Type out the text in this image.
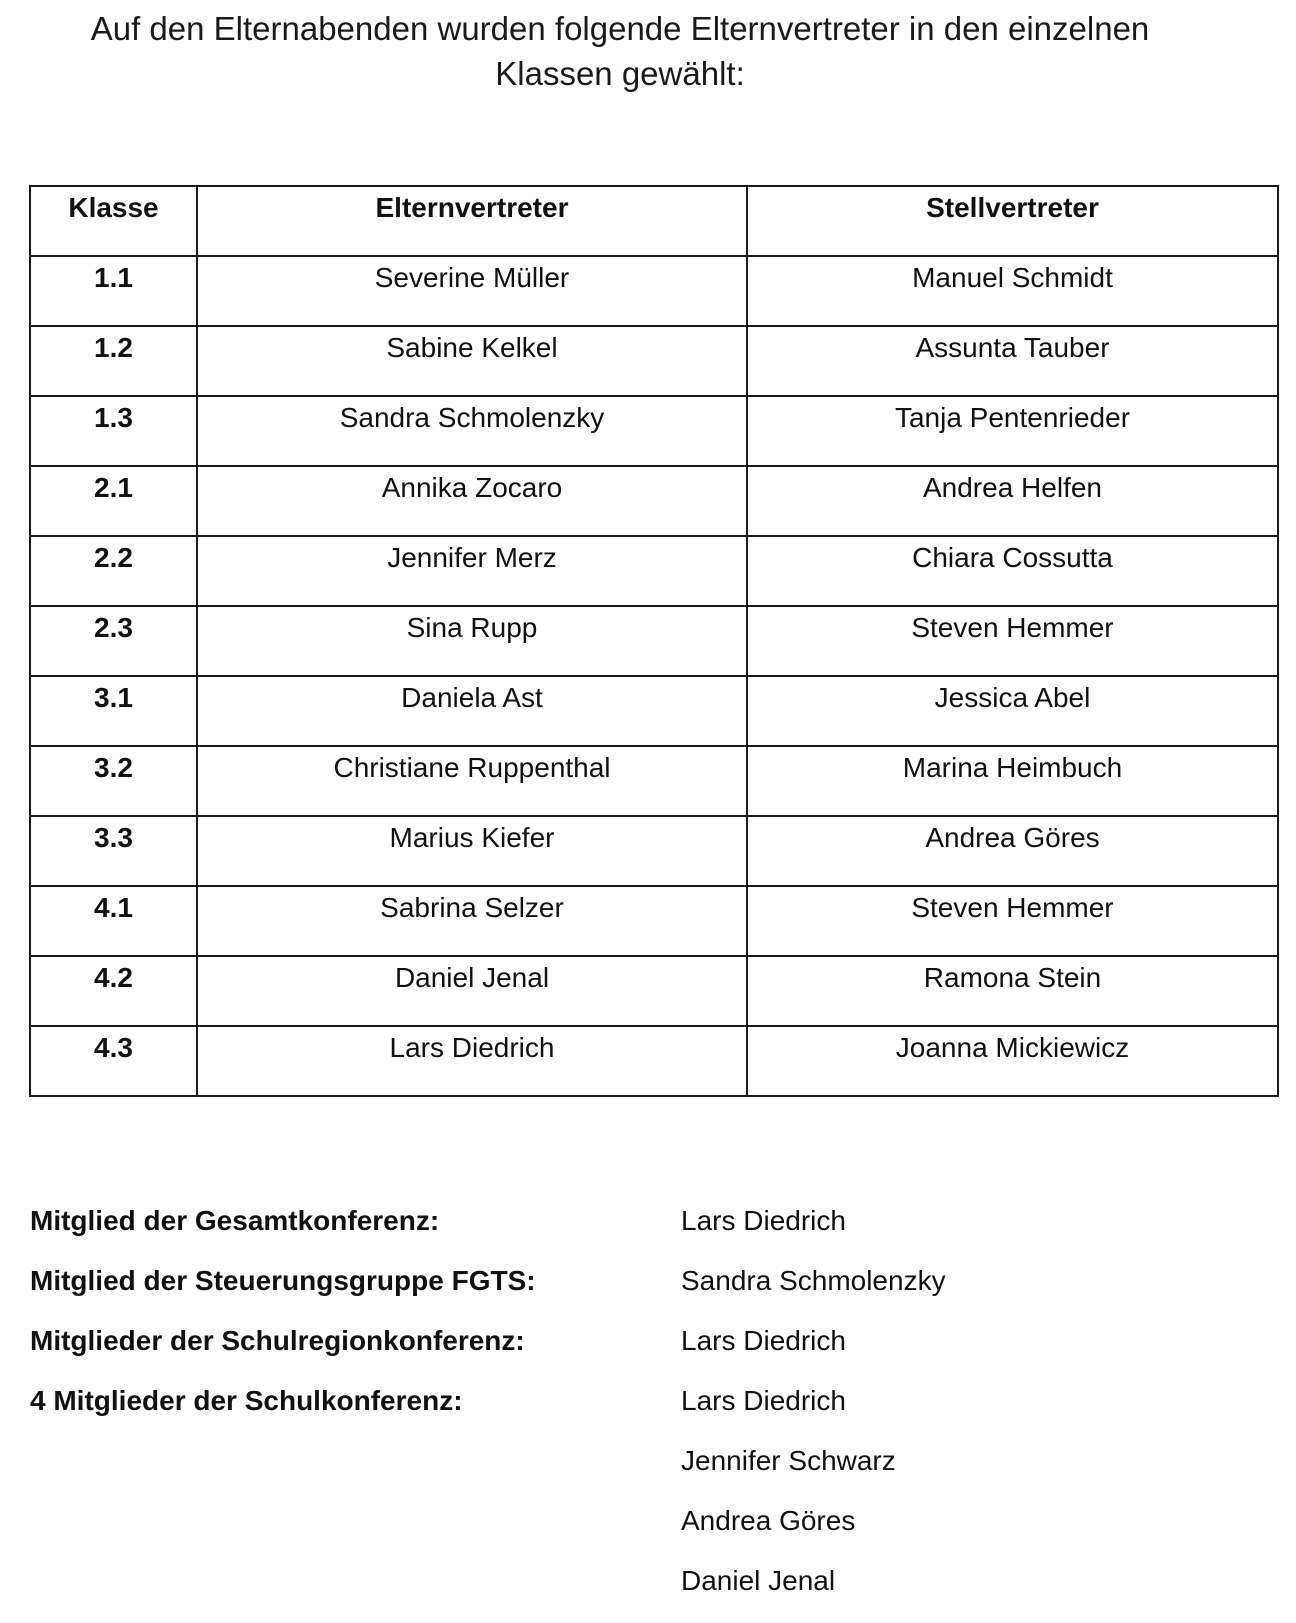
Auf den Elternabenden wurden folgende Elternvertreter in den einzelnen
Klassen gewählt:
Klasse	Elternvertreter	Stellvertreter
1.1	Severine Müller	Manuel Schmidt
1.2	Sabine Kelkel	Assunta Tauber
1.3	Sandra Schmolenzky	Tanja Pentenrieder
2.1	Annika Zocaro	Andrea Helfen
2.2	Jennifer Merz	Chiara Cossutta
2.3	Sina Rupp	Steven Hemmer
3.1	Daniela Ast	Jessica Abel
3.2	Christiane Ruppenthal	Marina Heimbuch
3.3	Marius Kiefer	Andrea Göres
4.1	Sabrina Selzer	Steven Hemmer
4.2	Daniel Jenal	Ramona Stein
4.3	Lars Diedrich	Joanna Mickiewicz
Mitglied der Gesamtkonferenz:	Lars Diedrich
Mitglied der Steuerungsgruppe FGTS:	Sandra Schmolenzky
Mitglieder der Schulregionkonferenz:	Lars Diedrich
4 Mitglieder der Schulkonferenz:	Lars Diedrich
Jennifer Schwarz
Andrea Göres
Daniel Jenal
